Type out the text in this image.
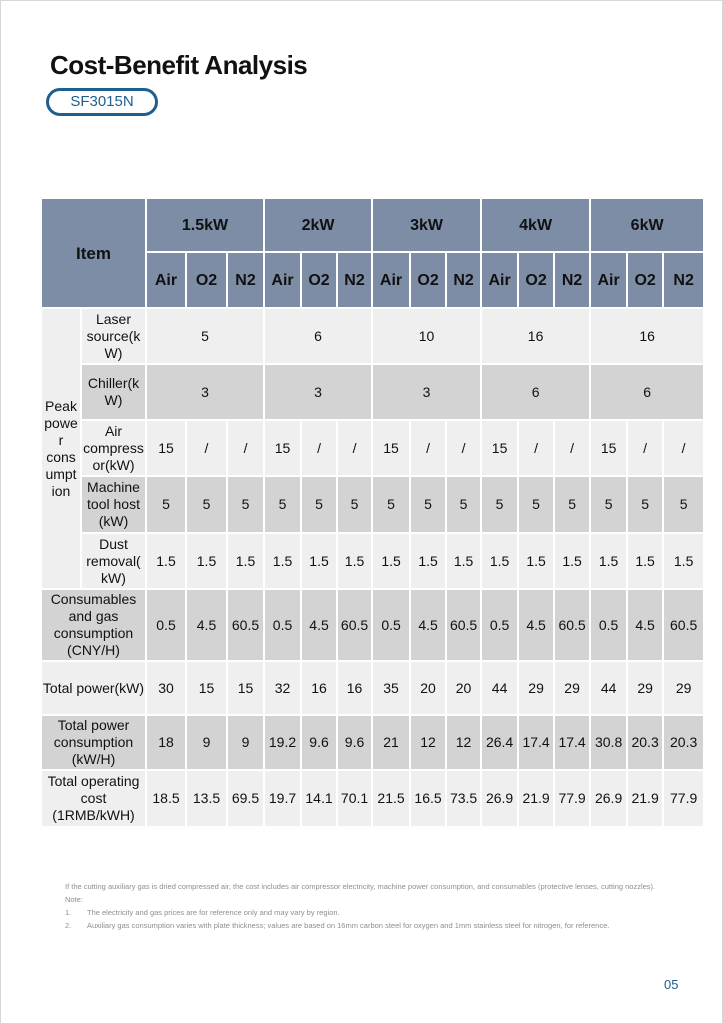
Cost-Benefit Analysis
SF3015N
Item		1.5kW			2kW			3kW			4kW			6kW		
		Air	O2	N2	Air	O2	N2	Air	O2	N2	Air	O2	N2	Air	O2	N2
Peak powe r cons umpt ion	Laser source(k W)	5			6			10			16			16		
	Chiller(k W)	3			3			3			6			6		
	Air compress or(kW)	15	/	/	15	/	/	15	/	/	15	/	/	15	/	/
	Machine tool host (kW)	5	5	5	5	5	5	5	5	5	5	5	5	5	5	5
	Dust removal( kW)	1.5	1.5	1.5	1.5	1.5	1.5	1.5	1.5	1.5	1.5	1.5	1.5	1.5	1.5	1.5
Consumables and gas consumption (CNY/H)		0.5	4.5	60.5	0.5	4.5	60.5	0.5	4.5	60.5	0.5	4.5	60.5	0.5	4.5	60.5
Total power(kW)		30	15	15	32	16	16	35	20	20	44	29	29	44	29	29
Total power consumption (kW/H)		18	9	9	19.2	9.6	9.6	21	12	12	26.4	17.4	17.4	30.8	20.3	20.3
Total operating cost (1RMB/kWH)		18.5	13.5	69.5	19.7	14.1	70.1	21.5	16.5	73.5	26.9	21.9	77.9	26.9	21.9	77.9
If the cutting auxiliary gas is dried compressed air, the cost includes air compressor electricity, machine power consumption, and consumables (protective lenses, cutting nozzles).
Note:
1. The electricity and gas prices are for reference only and may vary by region.
2. Auxiliary gas consumption varies with plate thickness; values are based on 16mm carbon steel for oxygen and 1mm stainless steel for nitrogen, for reference.
05
